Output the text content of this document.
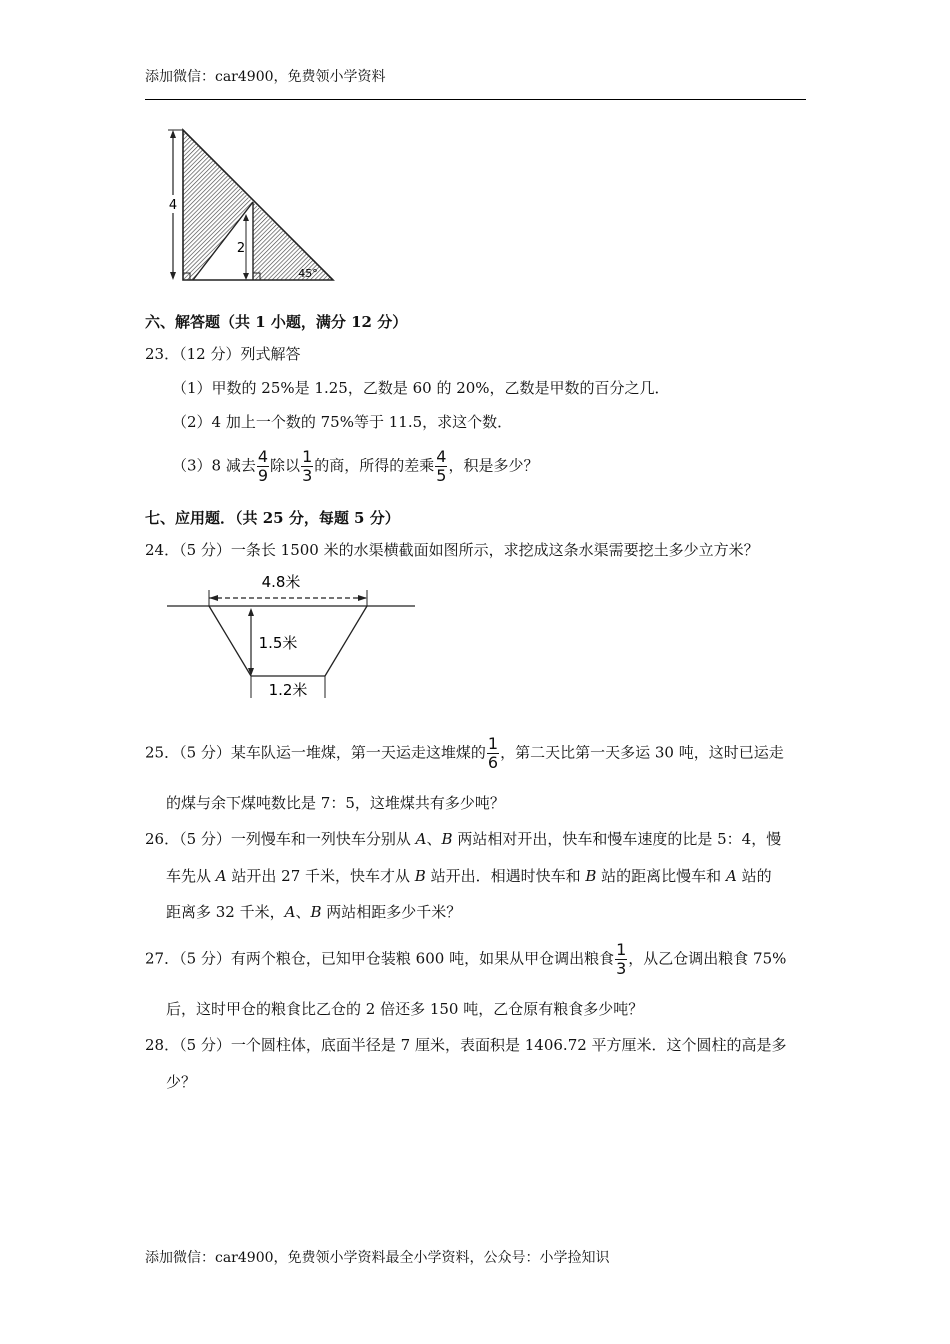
添加微信：car4900，免费领小学资料
4
2
45°
六、解答题（共 1 小题，满分 12 分）
23．（12 分）列式解答
（1）甲数的 25%是 1.25，乙数是 60 的 20%，乙数是甲数的百分之几．
（2）4 加上一个数的 75%等于 11.5，求这个数．
（3）8 减去 $\frac{4}{9}$ 除以 $\frac{1}{3}$ 的商，所得的差乘 $\frac{4}{5}$ ，积是多少？
七、应用题．（共 25 分，每题 5 分）
24．（5 分）一条长 1500 米的水渠横截面如图所示，求挖成这条水渠需要挖土多少立方米？
4.8米
1.5米
1.2米
25．（5 分）某车队运一堆煤，第一天运走这堆煤的 $\frac{1}{6}$ ，第二天比第一天多运 30 吨，这时已运走
的煤与余下煤吨数比是 7：5，这堆煤共有多少吨？
26．（5 分）一列慢车和一列快车分别从 A、B 两站相对开出，快车和慢车速度的比是 5：4，慢
车先从 A 站开出 27 千米，快车才从 B 站开出．相遇时快车和 B 站的距离比慢车和 A 站的
距离多 32 千米，A、B 两站相距多少千米？
27．（5 分）有两个粮仓，已知甲仓装粮 600 吨，如果从甲仓调出粮食 $\frac{1}{3}$ ，从乙仓调出粮食 75%
后，这时甲仓的粮食比乙仓的 2 倍还多 150 吨，乙仓原有粮食多少吨？
28．（5 分）一个圆柱体，底面半径是 7 厘米，表面积是 1406.72 平方厘米．这个圆柱的高是多
少？
添加微信：car4900，免费领小学资料最全小学资料，公众号：小学捡知识
